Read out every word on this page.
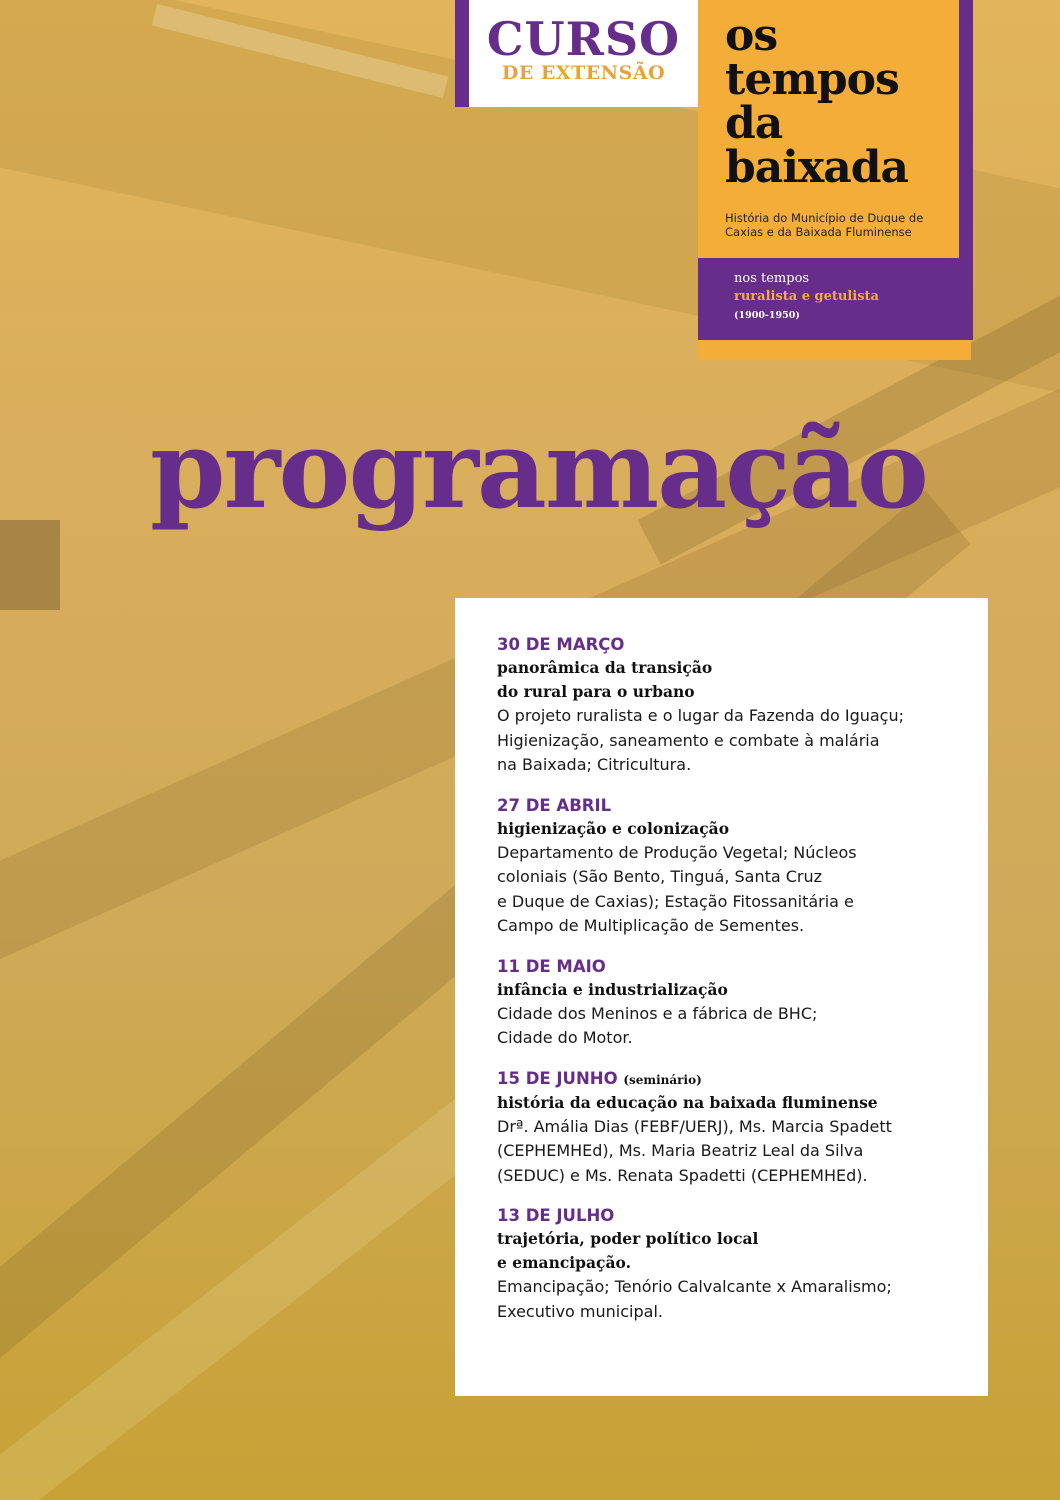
CURSO
DE EXTENSÃO
os tempos
da
baixada
História do Município de Duque de Caxias e da Baixada Fluminense
nos tempos
ruralista e getulista
(1900-1950)
programação
30 DE MARÇO
panorâmica da transição
do rural para o urbano
O projeto ruralista e o lugar da Fazenda do Iguaçu;
Higienização, saneamento e combate à malária
na Baixada; Citricultura.
27 DE ABRIL
higienização e colonização
Departamento de Produção Vegetal; Núcleos
coloniais (São Bento, Tinguá, Santa Cruz
e Duque de Caxias); Estação Fitossanitária e
Campo de Multiplicação de Sementes.
11 DE MAIO
infância e industrialização
Cidade dos Meninos e a fábrica de BHC;
Cidade do Motor.
15 DE JUNHO (seminário)
história da educação na baixada fluminense
Drª. Amália Dias (FEBF/UERJ), Ms. Marcia Spadett
(CEPHEMHEd), Ms. Maria Beatriz Leal da Silva
(SEDUC) e Ms. Renata Spadetti (CEPHEMHEd).
13 DE JULHO
trajetória, poder político local
e emancipação.
Emancipação; Tenório Calvalcante x Amaralismo;
Executivo municipal.
